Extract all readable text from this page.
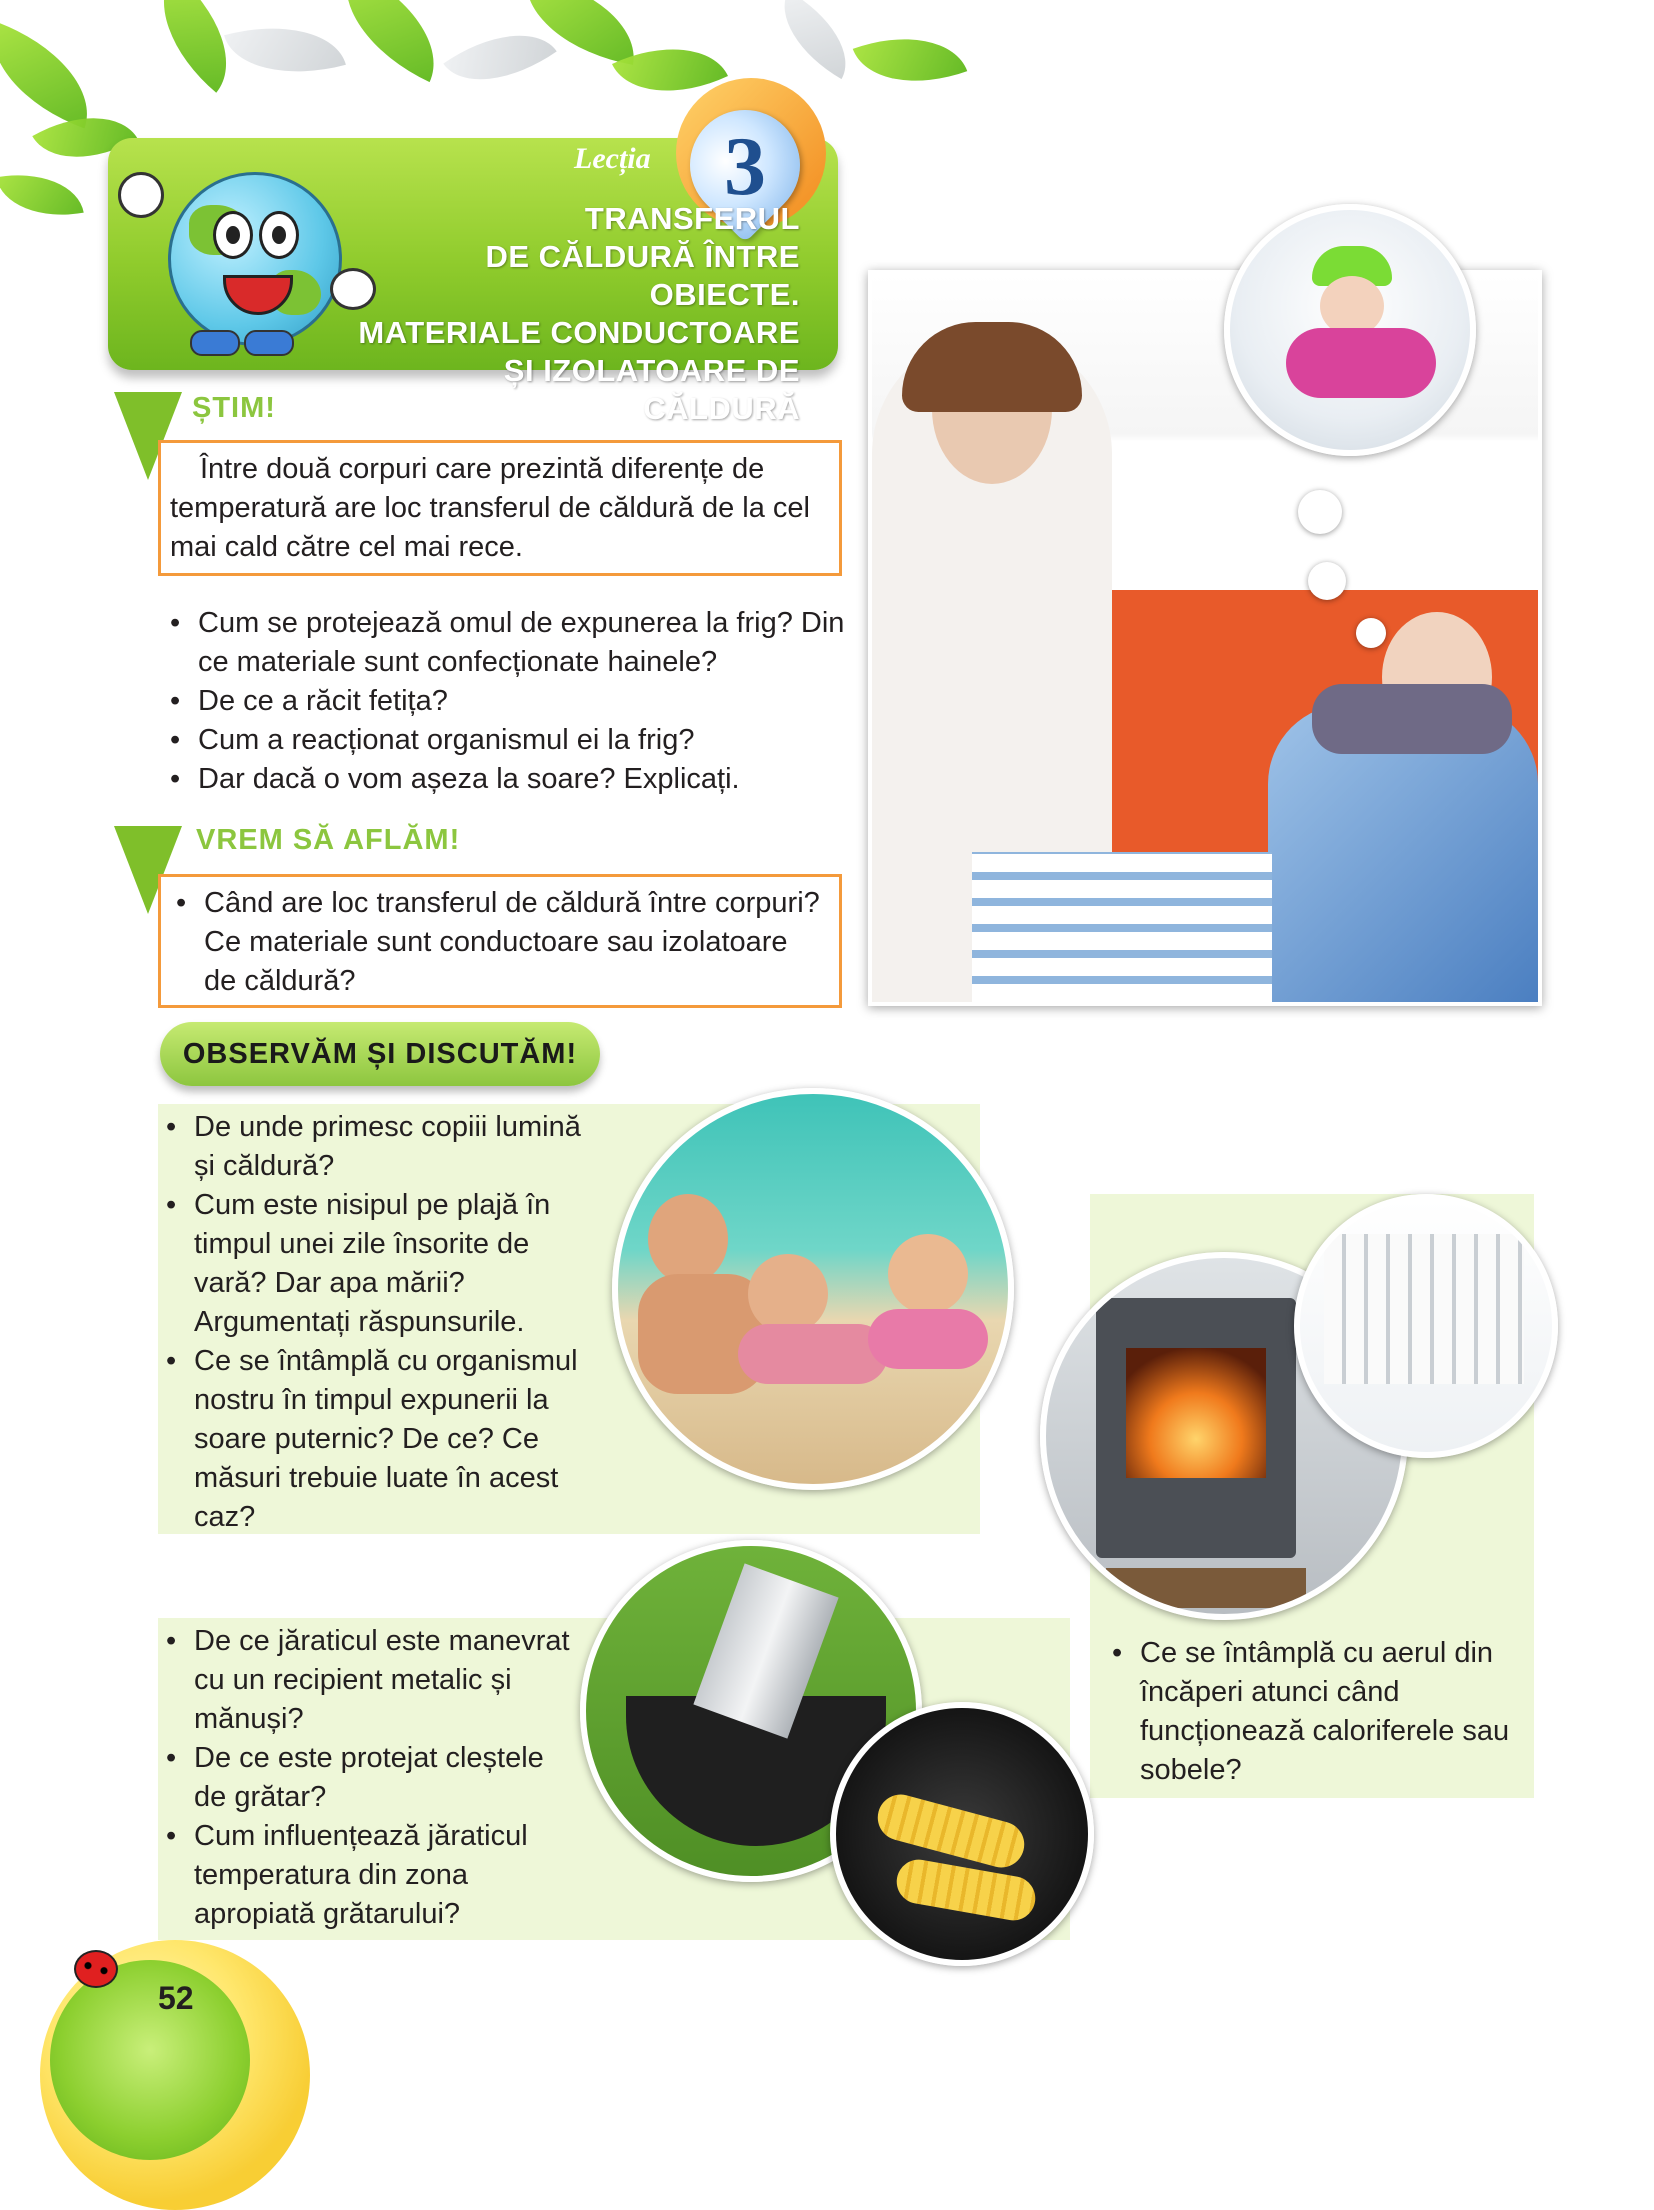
3
Lecția
TRANSFERUL
DE CĂLDURĂ ÎNTRE OBIECTE.
MATERIALE CONDUCTOARE
ȘI IZOLATOARE DE CĂLDURĂ
ȘTIM!
Între două corpuri care prezintă diferențe de temperatură are loc transferul de căldură de la cel mai cald către cel mai rece.
• Cum se protejează omul de expunerea la frig? Din ce materiale sunt confecționate hainele?
• De ce a răcit fetița?
• Cum a reacționat organismul ei la frig?
• Dar dacă o vom așeza la soare? Explicați.
VREM SĂ AFLĂM!
• Când are loc transferul de căldură între corpuri? Ce materiale sunt conductoare sau izolatoare de căldură?
OBSERVĂM ȘI DISCUTĂM!
• De unde primesc copiii lumină și căldură?
• Cum este nisipul pe plajă în timpul unei zile însorite de vară? Dar apa mării? Argumentați răspunsurile.
• Ce se întâmplă cu organismul nostru în timpul expunerii la soare puternic? De ce? Ce măsuri trebuie luate în acest caz?
• Ce se întâmplă cu aerul din încăperi atunci când funcționează caloriferele sau sobele?
• De ce jăraticul este manevrat cu un recipient metalic și mănuși?
• De ce este protejat cleștele de grătar?
• Cum influențează jăraticul temperatura din zona apropiată grătarului?
52
